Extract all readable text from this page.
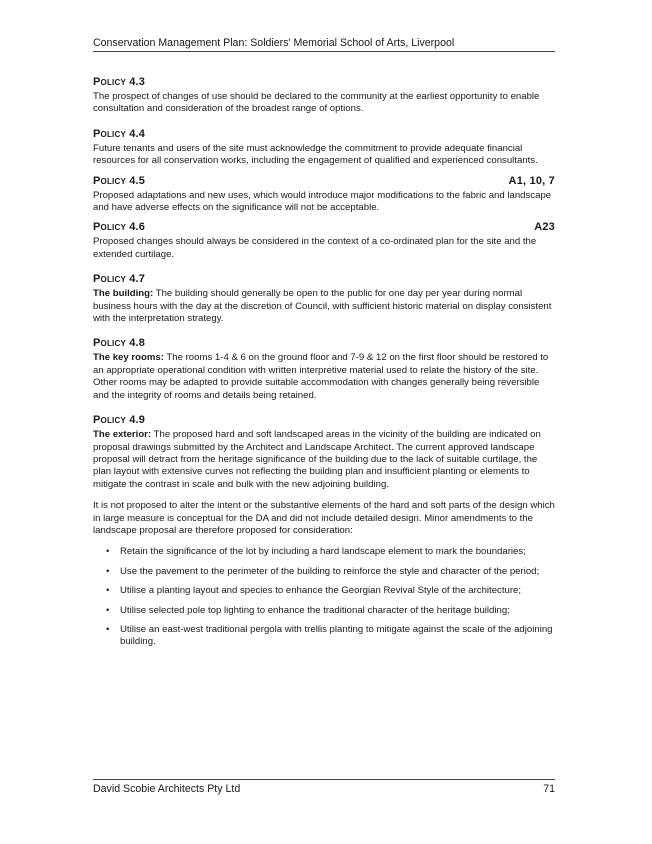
Conservation Management Plan: Soldiers' Memorial School of Arts, Liverpool
Policy 4.3

The prospect of changes of use should be declared to the community at the earliest opportunity to enable consultation and consideration of the broadest range of options.

Policy 4.4

Future tenants and users of the site must acknowledge the commitment to provide adequate financial resources for all conservation works, including the engagement of qualified and experienced consultants.

Policy 4.5	A1, 10, 7

Proposed adaptations and new uses, which would introduce major modifications to the fabric and landscape and have adverse effects on the significance will not be acceptable.

Policy 4.6	A23

Proposed changes should always be considered in the context of a co-ordinated plan for the site and the extended curtilage.

Policy 4.7

The building: The building should generally be open to the public for one day per year during normal business hours with the day at the discretion of Council, with sufficient historic material on display consistent with the interpretation strategy.

Policy 4.8

The key rooms: The rooms 1-4 & 6 on the ground floor and 7-9 & 12 on the first floor should be restored to an appropriate operational condition with written interpretive material used to relate the history of the site. Other rooms may be adapted to provide suitable accommodation with changes generally being reversible and the integrity of rooms and details being retained.

Policy 4.9

The exterior: The proposed hard and soft landscaped areas in the vicinity of the building are indicated on proposal drawings submitted by the Architect and Landscape Architect. The current approved landscape proposal will detract from the heritage significance of the building due to the lack of suitable curtilage, the plan layout with extensive curves not reflecting the building plan and insufficient planting or elements to mitigate the contrast in scale and bulk with the new adjoining building.

It is not proposed to alter the intent or the substantive elements of the hard and soft parts of the design which in large measure is conceptual for the DA and did not include detailed design. Minor amendments to the landscape proposal are therefore proposed for consideration:

• Retain the significance of the lot by including a hard landscape element to mark the boundaries;
• Use the pavement to the perimeter of the building to reinforce the style and character of the period;
• Utilise a planting layout and species to enhance the Georgian Revival Style of the architecture;
• Utilise selected pole top lighting to enhance the traditional character of the heritage building;
• Utilise an east-west traditional pergola with trellis planting to mitigate against the scale of the adjoining building.
David Scobie Architects Pty Ltd	71
